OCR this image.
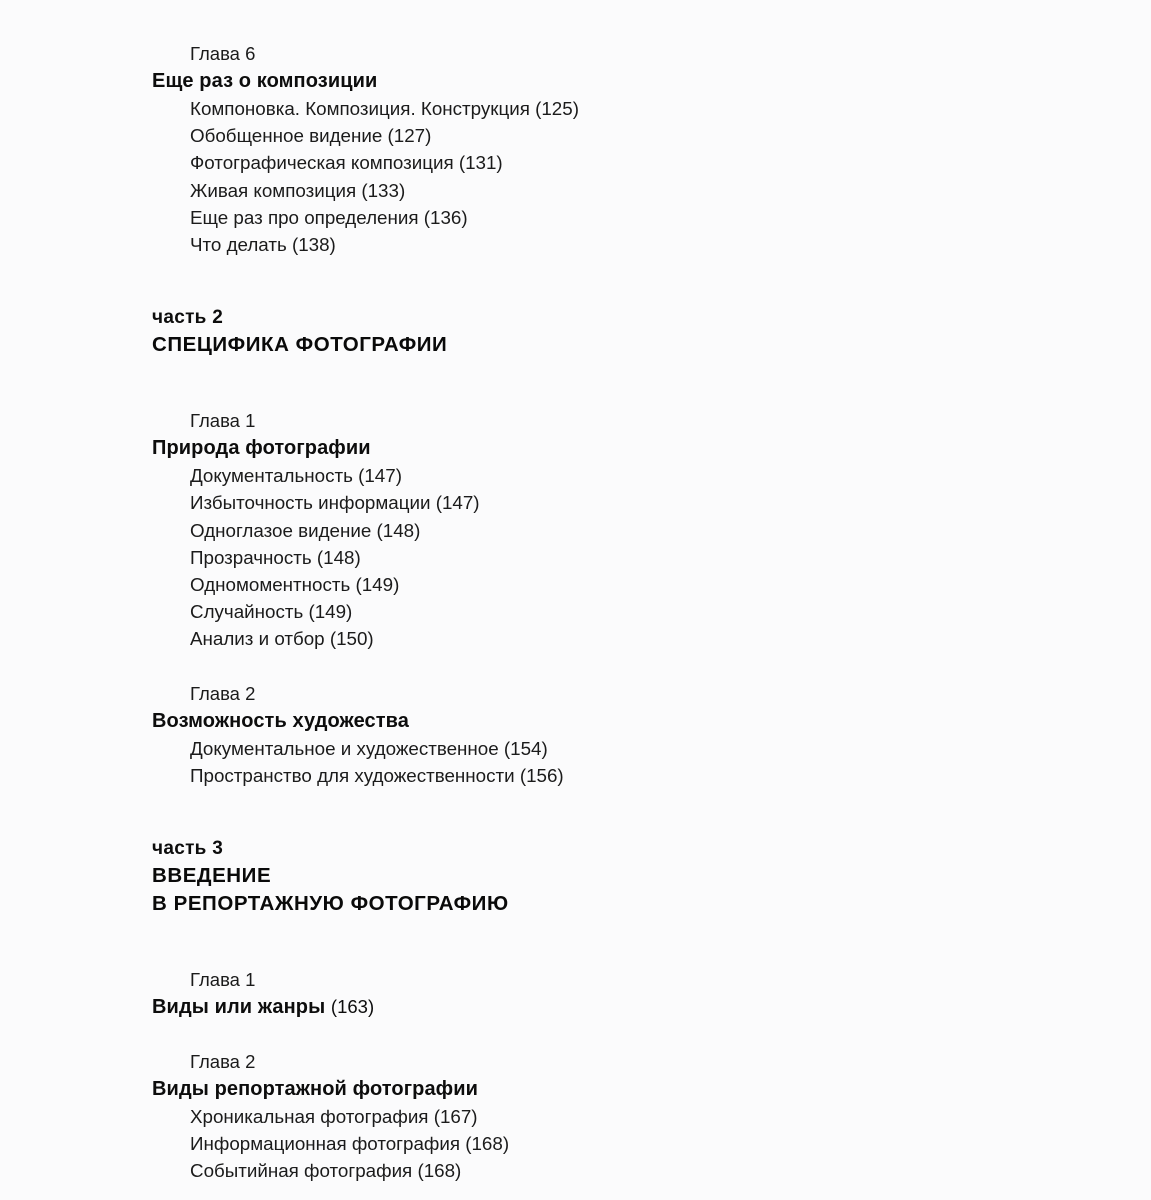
Глава 6
Еще раз о композиции
Компоновка. Композиция. Конструкция (125)
Обобщенное видение (127)
Фотографическая композиция (131)
Живая композиция (133)
Еще раз про определения (136)
Что делать (138)
часть 2
СПЕЦИФИКА ФОТОГРАФИИ
Глава 1
Природа фотографии
Документальность (147)
Избыточность информации (147)
Одноглазое видение (148)
Прозрачность (148)
Одномоментность (149)
Случайность (149)
Анализ и отбор (150)
Глава 2
Возможность художества
Документальное и художественное (154)
Пространство для художественности (156)
часть 3
ВВЕДЕНИЕ
В РЕПОРТАЖНУЮ ФОТОГРАФИЮ
Глава 1
Виды или жанры (163)
Глава 2
Виды репортажной фотографии
Хроникальная фотография (167)
Информационная фотография (168)
Событийная фотография (168)
